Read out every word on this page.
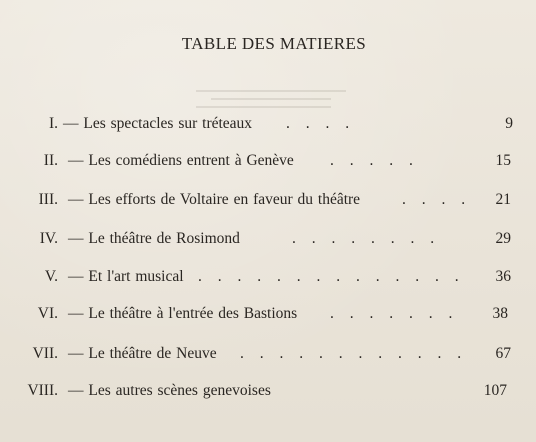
TABLE DES MATIERES
I. — Les spectacles sur tréteaux . . . .	9
II. — Les comédiens entrent à Genève . . . . .	15
III. — Les efforts de Voltaire en faveur du théâtre	. . . .	21
IV. — Le théâtre de Rosimond	. . . . . . . .	29
V. — Et l'art musical . . . . . . . . . . . . . .	36
VI. — Le théâtre à l'entrée des Bastions . . . . . . .	38
VII. — Le théâtre de Neuve . . . . . . . . . . . .	67
VIII. — Les autres scènes genevoises	107
